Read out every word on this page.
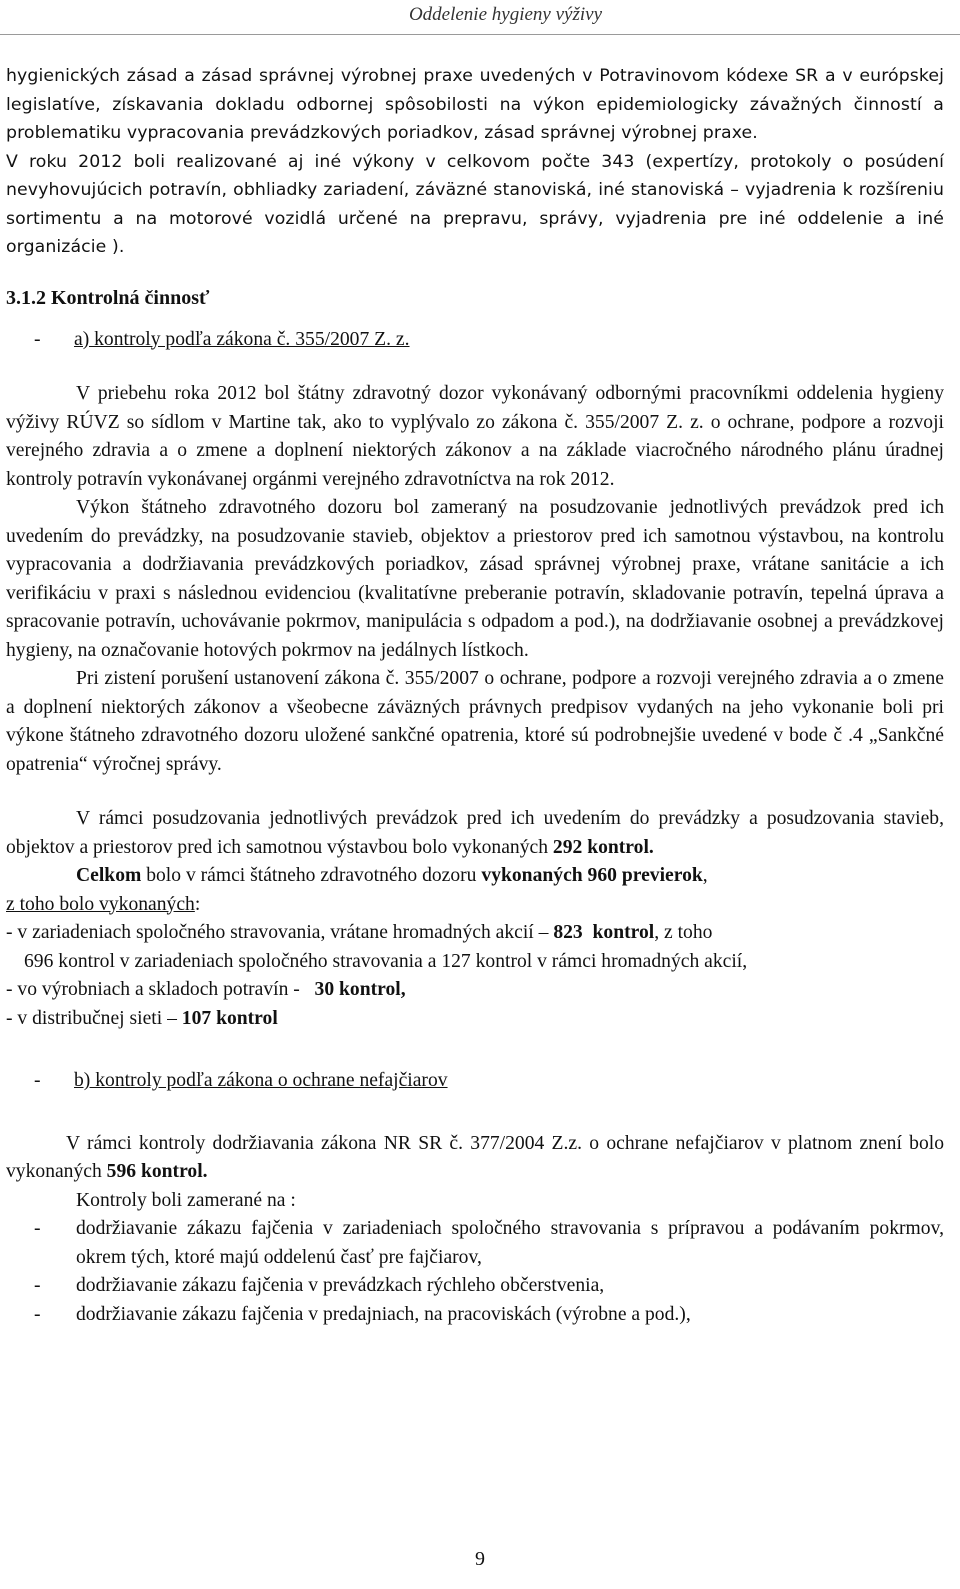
Oddelenie hygieny výživy

hygienických zásad a zásad správnej výrobnej praxe uvedených v Potravinovom kódexe SR a v európskej legislatíve, získavania dokladu odbornej spôsobilosti na výkon epidemiologicky závažných činností a problematiku vypracovania prevádzkových poriadkov, zásad správnej výrobnej praxe.

V roku 2012 boli realizované aj iné výkony v celkovom počte 343 (expertízy, protokoly o posúdení nevyhovujúcich potravín, obhliadky zariadení, záväzné stanoviská, iné stanoviská – vyjadrenia k rozšíreniu sortimentu a na motorové vozidlá určené na prepravu, správy, vyjadrenia pre iné oddelenie a iné organizácie ).

3.1.2 Kontrolná činnosť
- a) kontroly podľa zákona č. 355/2007 Z. z.

V priebehu roka 2012 bol štátny zdravotný dozor vykonávaný odbornými pracovníkmi oddelenia hygieny výživy RÚVZ so sídlom v Martine tak, ako to vyplývalo zo zákona č. 355/2007 Z. z. o ochrane, podpore a rozvoji verejného zdravia a o zmene a doplnení niektorých zákonov a na základe viacročného národného plánu úradnej kontroly potravín vykonávanej orgánmi verejného zdravotníctva na rok 2012.

Výkon štátneho zdravotného dozoru bol zameraný na posudzovanie jednotlivých prevádzok pred ich uvedením do prevádzky, na posudzovanie stavieb, objektov a priestorov pred ich samotnou výstavbou, na kontrolu vypracovania a dodržiavania prevádzkových poriadkov, zásad správnej výrobnej praxe, vrátane sanitácie a ich verifikáciu v praxi s následnou evidenciou (kvalitatívne preberanie potravín, skladovanie potravín, tepelná úprava a spracovanie potravín, uchovávanie pokrmov, manipulácia s odpadom a pod.), na dodržiavanie osobnej a prevádzkovej hygieny, na označovanie hotových pokrmov na jedálnych lístkoch.

Pri zistení porušení ustanovení zákona č. 355/2007 o ochrane, podpore a rozvoji verejného zdravia a o zmene a doplnení niektorých zákonov a všeobecne záväzných právnych predpisov vydaných na jeho vykonanie boli pri výkone štátneho zdravotného dozoru uložené sankčné opatrenia, ktoré sú podrobnejšie uvedené v bode č .4 „Sankčné opatrenia“ výročnej správy.

V rámci posudzovania jednotlivých prevádzok pred ich uvedením do prevádzky a posudzovania stavieb, objektov a priestorov pred ich samotnou výstavbou bolo vykonaných 292 kontrol.

Celkom bolo v rámci štátneho zdravotného dozoru vykonaných 960 previerok,

z toho bolo vykonaných:
- v zariadeniach spoločného stravovania, vrátane hromadných akcií – 823 kontrol, z toho
696 kontrol v zariadeniach spoločného stravovania a 127 kontrol v rámci hromadných akcií,
- vo výrobniach a skladoch potravín -   30 kontrol,
- v distribučnej sieti – 107 kontrol
- b) kontroly podľa zákona o ochrane nefajčiarov

V rámci kontroly dodržiavania zákona NR SR č. 377/2004 Z.z. o ochrane nefajčiarov v platnom znení bolo vykonaných 596 kontrol.

Kontroly boli zamerané na :
- dodržiavanie zákazu fajčenia v zariadeniach spoločného stravovania s prípravou a podávaním pokrmov, okrem tých, ktoré majú oddelenú časť pre fajčiarov,
- dodržiavanie zákazu fajčenia v prevádzkach rýchleho občerstvenia,
- dodržiavanie zákazu fajčenia v predajniach, na pracoviskách (výrobne a pod.),
9
